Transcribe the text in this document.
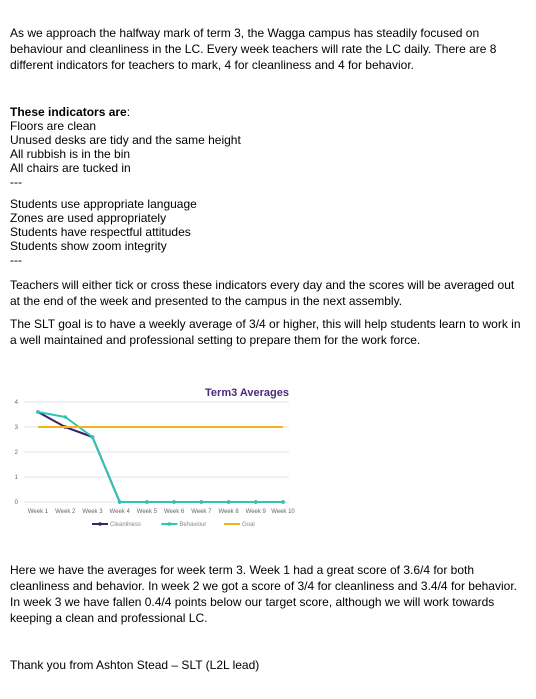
As we approach the halfway mark of term 3, the Wagga campus has steadily focused on
behaviour and cleanliness in the LC. Every week teachers will rate the LC daily. There are 8
different indicators for teachers to mark, 4 for cleanliness and 4 for behavior.
These indicators are:
Floors are clean
Unused desks are tidy and the same height
All rubbish is in the bin
All chairs are tucked in
---
Students use appropriate language
Zones are used appropriately
Students have respectful attitudes
Students show zoom integrity
---
Teachers will either tick or cross these indicators every day and the scores will be averaged out
at the end of the week and presented to the campus in the next assembly.
The SLT goal is to have a weekly average of 3/4 or higher, this will help students learn to work in
a well maintained and professional setting to prepare them for the work force.
Term3 Averages
0
1
2
3
4
Week 1 Week 2 Week 3 Week 4 Week 5 Week 6 Week 7 Week 8 Week 9 Week 10
Cleanliness	Behaviour	Goal
Here we have the averages for week term 3. Week 1 had a great score of 3.6/4 for both
cleanliness and behavior. In week 2 we got a score of 3/4 for cleanliness and 3.4/4 for behavior.
In week 3 we have fallen 0.4/4 points below our target score, although we will work towards
keeping a clean and professional LC.
Thank you from Ashton Stead – SLT (L2L lead)
